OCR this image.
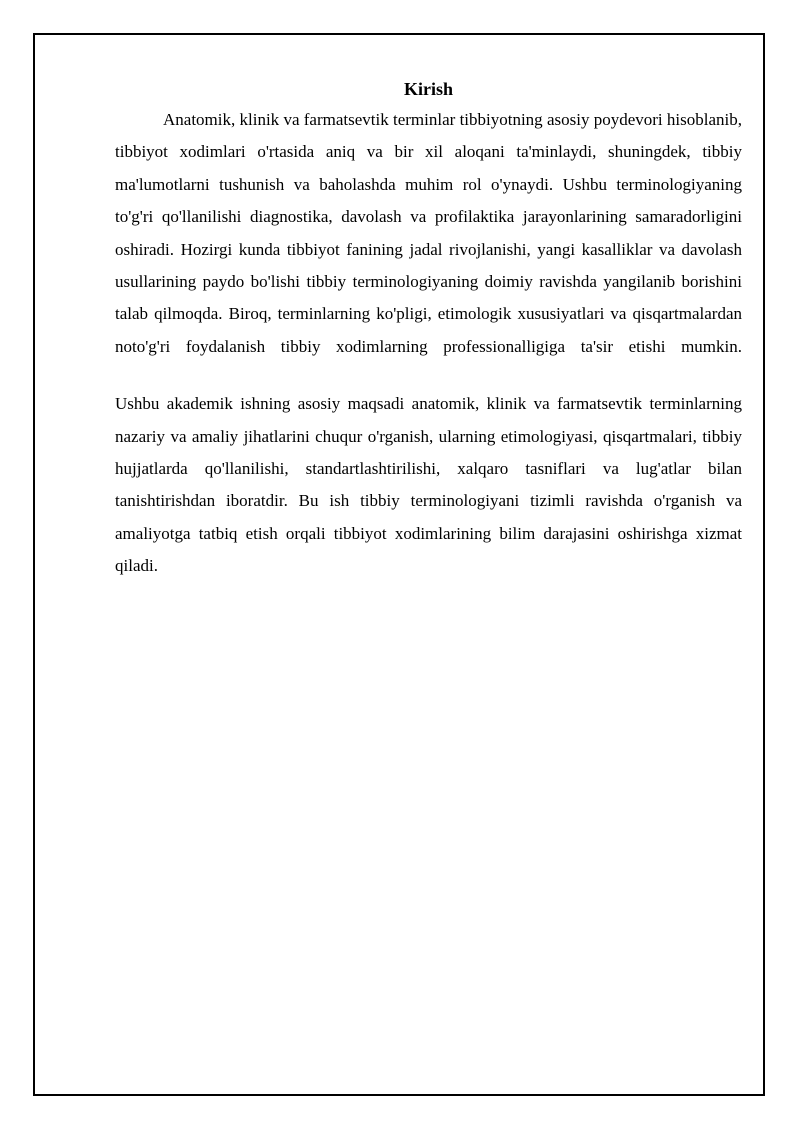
Kirish

Anatomik, klinik va farmatsevtik terminlar tibbiyotning asosiy poydevori hisoblanib, tibbiyot xodimlari o'rtasida aniq va bir xil aloqani ta'minlaydi, shuningdek, tibbiy ma'lumotlarni tushunish va baholashda muhim rol o'ynaydi. Ushbu terminologiyaning to'g'ri qo'llanilishi diagnostika, davolash va profilaktika jarayonlarining samaradorligini oshiradi. Hozirgi kunda tibbiyot fanining jadal rivojlanishi, yangi kasalliklar va davolash usullarining paydo bo'lishi tibbiy terminologiyaning doimiy ravishda yangilanib borishini talab qilmoqda. Biroq, terminlarning ko'pligi, etimologik xususiyatlari va qisqartmalardan noto'g'ri foydalanish tibbiy xodimlarning professionalligiga ta'sir etishi mumkin.

Ushbu akademik ishning asosiy maqsadi anatomik, klinik va farmatsevtik terminlarning nazariy va amaliy jihatlarini chuqur o'rganish, ularning etimologiyasi, qisqartmalari, tibbiy hujjatlarda qo'llanilishi, standartlashtirilishi, xalqaro tasniflari va lug'atlar bilan tanishtirishdan iboratdir. Bu ish tibbiy terminologiyani tizimli ravishda o'rganish va amaliyotga tatbiq etish orqali tibbiyot xodimlarining bilim darajasini oshirishga xizmat qiladi.
